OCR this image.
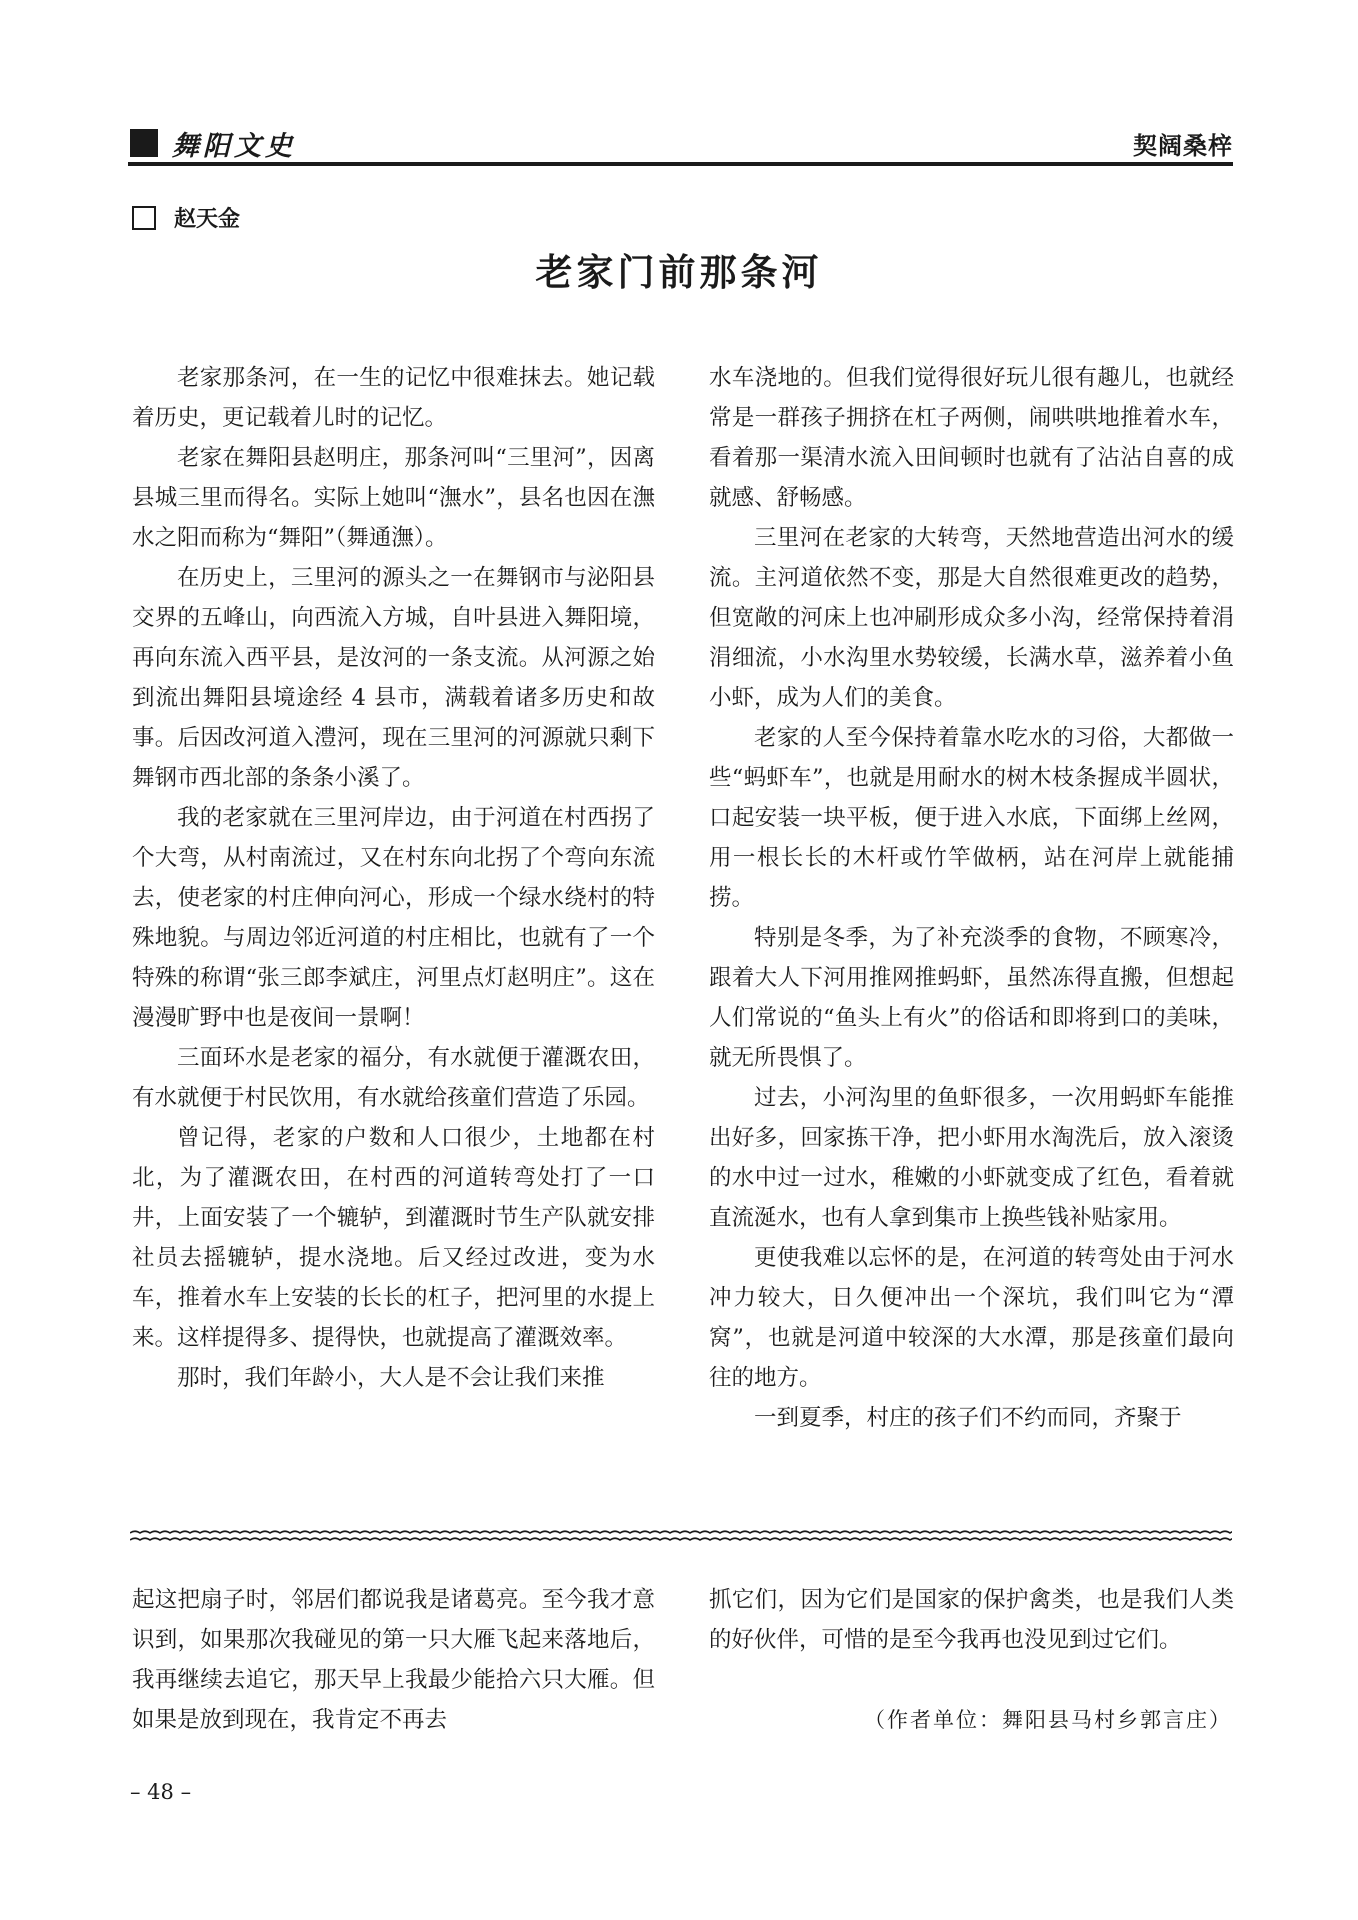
舞阳文史	契阔桑梓
赵天金
老家门前那条河

老家那条河，在一生的记忆中很难抹去。她记载着历史，更记载着儿时的记忆。

老家在舞阳县赵明庄，那条河叫“三里河”，因离县城三里而得名。实际上她叫“潕水”，县名也因在潕水之阳而称为“舞阳”（舞通潕）。

在历史上，三里河的源头之一在舞钢市与泌阳县交界的五峰山，向西流入方城，自叶县进入舞阳境，再向东流入西平县，是汝河的一条支流。从河源之始到流出舞阳县境途经 4 县市，满载着诸多历史和故事。后因改河道入澧河，现在三里河的河源就只剩下舞钢市西北部的条条小溪了。

我的老家就在三里河岸边，由于河道在村西拐了个大弯，从村南流过，又在村东向北拐了个弯向东流去，使老家的村庄伸向河心，形成一个绿水绕村的特殊地貌。与周边邻近河道的村庄相比，也就有了一个特殊的称谓“张三郎李斌庄，河里点灯赵明庄”。这在漫漫旷野中也是夜间一景啊！

三面环水是老家的福分，有水就便于灌溉农田，有水就便于村民饮用，有水就给孩童们营造了乐园。

曾记得，老家的户数和人口很少，土地都在村北，为了灌溉农田，在村西的河道转弯处打了一口井，上面安装了一个辘轳，到灌溉时节生产队就安排社员去摇辘轳，提水浇地。后又经过改进，变为水车，推着水车上安装的长长的杠子，把河里的水提上来。这样提得多、提得快，也就提高了灌溉效率。

那时，我们年龄小，大人是不会让我们来推

水车浇地的。但我们觉得很好玩儿很有趣儿，也就经常是一群孩子拥挤在杠子两侧，闹哄哄地推着水车，看着那一渠清水流入田间顿时也就有了沾沾自喜的成就感、舒畅感。

三里河在老家的大转弯，天然地营造出河水的缓流。主河道依然不变，那是大自然很难更改的趋势，但宽敞的河床上也冲刷形成众多小沟，经常保持着涓涓细流，小水沟里水势较缓，长满水草，滋养着小鱼小虾，成为人们的美食。

老家的人至今保持着靠水吃水的习俗，大都做一些“蚂虾车”，也就是用耐水的树木枝条握成半圆状，口起安装一块平板，便于进入水底，下面绑上丝网，用一根长长的木杆或竹竿做柄，站在河岸上就能捕捞。

特别是冬季，为了补充淡季的食物，不顾寒冷，跟着大人下河用推网推蚂虾，虽然冻得直搬，但想起人们常说的“鱼头上有火”的俗话和即将到口的美味，就无所畏惧了。

过去，小河沟里的鱼虾很多，一次用蚂虾车能推出好多，回家拣干净，把小虾用水淘洗后，放入滚烫的水中过一过水，稚嫩的小虾就变成了红色，看着就直流涎水，也有人拿到集市上换些钱补贴家用。

更使我难以忘怀的是，在河道的转弯处由于河水冲力较大，日久便冲出一个深坑，我们叫它为“潭窝”，也就是河道中较深的大水潭，那是孩童们最向往的地方。

一到夏季，村庄的孩子们不约而同，齐聚于

起这把扇子时，邻居们都说我是诸葛亮。至今我才意识到，如果那次我碰见的第一只大雁飞起来落地后，我再继续去追它，那天早上我最少能拾六只大雁。但如果是放到现在，我肯定不再去

抓它们，因为它们是国家的保护禽类，也是我们人类的好伙伴，可惜的是至今我再也没见到过它们。

（作者单位：舞阳县马村乡郭言庄）
– 48 –
